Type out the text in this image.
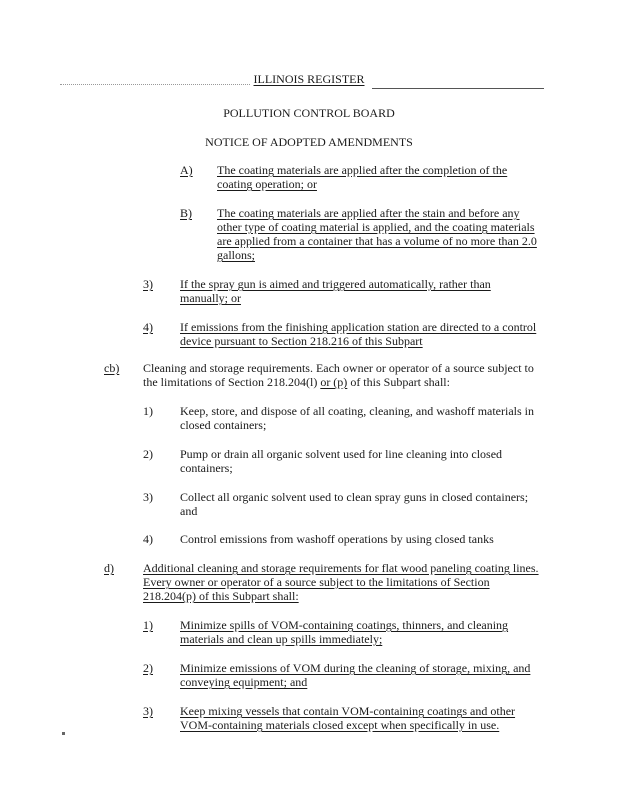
ILLINOIS REGISTER
POLLUTION CONTROL BOARD
NOTICE OF ADOPTED AMENDMENTS
A) The coating materials are applied after the completion of the
coating operation; or
B) The coating materials are applied after the stain and before any
other type of coating material is applied, and the coating materials
are applied from a container that has a volume of no more than 2.0
gallons;
3) If the spray gun is aimed and triggered automatically, rather than
manually; or
4) If emissions from the finishing application station are directed to a control
device pursuant to Section 218.216 of this Subpart
cb) Cleaning and storage requirements. Each owner or operator of a source subject to
the limitations of Section 218.204(l) or (p) of this Subpart shall:
1) Keep, store, and dispose of all coating, cleaning, and washoff materials in
closed containers;
2) Pump or drain all organic solvent used for line cleaning into closed
containers;
3) Collect all organic solvent used to clean spray guns in closed containers;
and
4) Control emissions from washoff operations by using closed tanks
d) Additional cleaning and storage requirements for flat wood paneling coating lines.
Every owner or operator of a source subject to the limitations of Section
218.204(p) of this Subpart shall:
1) Minimize spills of VOM-containing coatings, thinners, and cleaning
materials and clean up spills immediately;
2) Minimize emissions of VOM during the cleaning of storage, mixing, and
conveying equipment; and
3) Keep mixing vessels that contain VOM-containing coatings and other
VOM-containing materials closed except when specifically in use.
